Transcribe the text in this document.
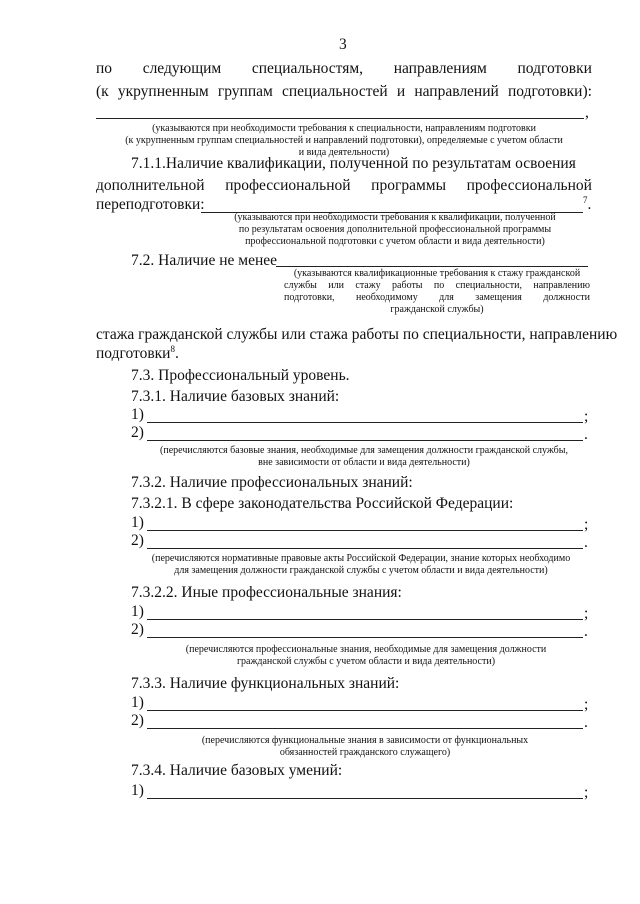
3
по следующим специальностям, направлениям подготовки
(к укрупненным группам специальностей и направлений подготовки):
,
(указываются при необходимости требования к специальности, направлениям подготовки
(к укрупненным группам специальностей и направлений подготовки), определяемые с учетом области
и вида деятельности)
7.1.1.Наличие квалификации, полученной по результатам освоения
дополнительной профессиональной программы профессиональной
переподготовки:	$^7$.
(указываются при необходимости требования к квалификации, полученной
по результатам освоения дополнительной профессиональной программы
профессиональной подготовки с учетом области и вида деятельности)
7.2. Наличие не менее
(указываются квалификационные требования к стажу гражданской
службы или стажу работы по специальности, направлению
подготовки, необходимому для замещения должности
гражданской службы)
стажа гражданской службы или стажа работы по специальности, направлению
подготовки$^8$.
7.3. Профессиональный уровень.
7.3.1. Наличие базовых знаний:
1)	;
2)	.
(перечисляются базовые знания, необходимые для замещения должности гражданской службы,
вне зависимости от области и вида деятельности)
7.3.2. Наличие профессиональных знаний:
7.3.2.1. В сфере законодательства Российской Федерации:
1)	;
2)	.
(перечисляются нормативные правовые акты Российской Федерации, знание которых необходимо
для замещения должности гражданской службы с учетом области и вида деятельности)
7.3.2.2. Иные профессиональные знания:
1)	;
2)	.
(перечисляются профессиональные знания, необходимые для замещения должности
гражданской службы с учетом области и вида деятельности)
7.3.3. Наличие функциональных знаний:
1)	;
2)	.
(перечисляются функциональные знания в зависимости от функциональных
обязанностей гражданского служащего)
7.3.4. Наличие базовых умений:
1)	;
